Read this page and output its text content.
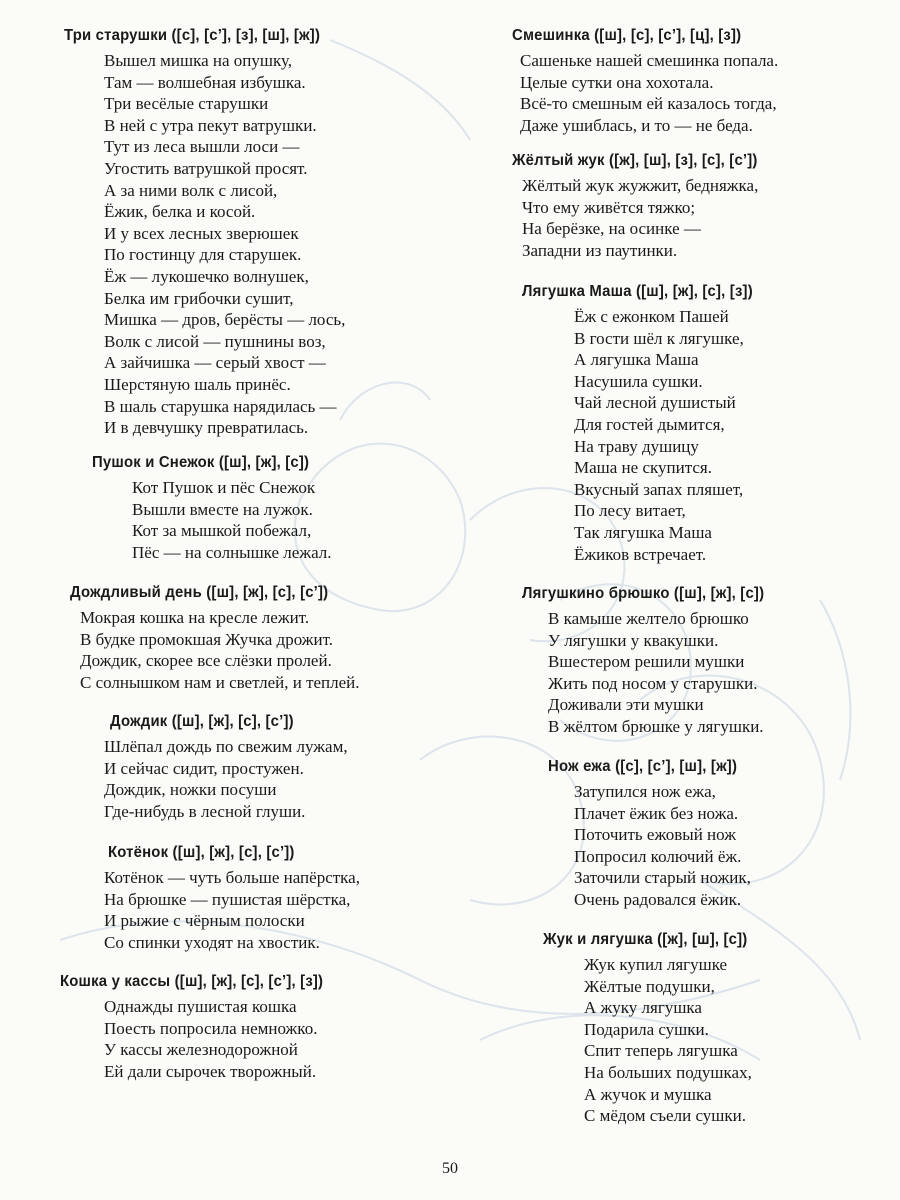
Три старушки ([с], [с’], [з], [ш], [ж])
Вышел мишка на опушку,
Там — волшебная избушка.
Три весёлые старушки
В ней с утра пекут ватрушки.
Тут из леса вышли лоси —
Угостить ватрушкой просят.
А за ними волк с лисой,
Ёжик, белка и косой.
И у всех лесных зверюшек
По гостинцу для старушек.
Ёж — лукошечко волнушек,
Белка им грибочки сушит,
Мишка — дров, берёсты — лось,
Волк с лисой — пушнины воз,
А зайчишка — серый хвост —
Шерстяную шаль принёс.
В шаль старушка нарядилась —
И в девчушку превратилась.
Пушок и Снежок ([ш], [ж], [с])
Кот Пушок и пёс Снежок
Вышли вместе на лужок.
Кот за мышкой побежал,
Пёс — на солнышке лежал.
Дождливый день ([ш], [ж], [с], [с’])
Мокрая кошка на кресле лежит.
В будке промокшая Жучка дрожит.
Дождик, скорее все слёзки пролей.
С солнышком нам и светлей, и теплей.
Дождик ([ш], [ж], [с], [с’])
Шлёпал дождь по свежим лужам,
И сейчас сидит, простужен.
Дождик, ножки посуши
Где-нибудь в лесной глуши.
Котёнок ([ш], [ж], [с], [с’])
Котёнок — чуть больше напёрстка,
На брюшке — пушистая шёрстка,
И рыжие с чёрным полоски
Со спинки уходят на хвостик.
Кошка у кассы ([ш], [ж], [с], [с’], [з])
Однажды пушистая кошка
Поесть попросила немножко.
У кассы железнодорожной
Ей дали сырочек творожный.
Смешинка ([ш], [с], [с’], [ц], [з])
Сашеньке нашей смешинка попала.
Целые сутки она хохотала.
Всё-то смешным ей казалось тогда,
Даже ушиблась, и то — не беда.
Жёлтый жук ([ж], [ш], [з], [с], [с’])
Жёлтый жук жужжит, бедняжка,
Что ему живётся тяжко;
На берёзке, на осинке —
Западни из паутинки.
Лягушка Маша ([ш], [ж], [с], [з])
Ёж с ежонком Пашей
В гости шёл к лягушке,
А лягушка Маша
Насушила сушки.
Чай лесной душистый
Для гостей дымится,
На траву душицу
Маша не скупится.
Вкусный запах пляшет,
По лесу витает,
Так лягушка Маша
Ёжиков встречает.
Лягушкино брюшко ([ш], [ж], [с])
В камыше желтело брюшко
У лягушки у квакушки.
Вшестером решили мушки
Жить под носом у старушки.
Доживали эти мушки
В жёлтом брюшке у лягушки.
Нож ежа ([с], [с’], [ш], [ж])
Затупился нож ежа,
Плачет ёжик без ножа.
Поточить ежовый нож
Попросил колючий ёж.
Заточили старый ножик,
Очень радовался ёжик.
Жук и лягушка ([ж], [ш], [с])
Жук купил лягушке
Жёлтые подушки,
А жуку лягушка
Подарила сушки.
Спит теперь лягушка
На больших подушках,
А жучок и мушка
С мёдом съели сушки.
50
